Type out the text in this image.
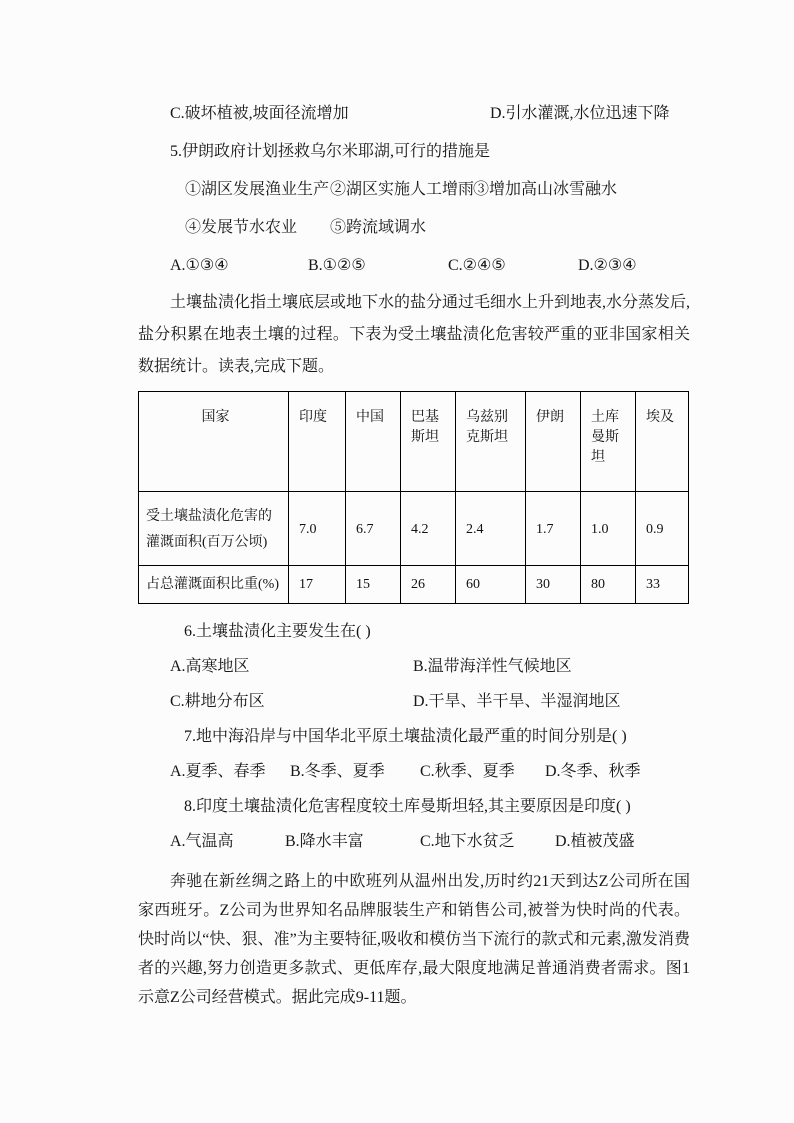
C.破坏植被,坡面径流增加	D.引水灌溉,水位迅速下降
5.伊朗政府计划拯救乌尔米耶湖,可行的措施是
①湖区发展渔业生产 ②湖区实施人工增雨
③增加高山冰雪融水
④发展节水农业 ⑤跨流域调水
A.①③④	B.①②⑤	C.②④⑤	D.②③④
土壤盐渍化指土壤底层或地下水的盐分通过毛细水上升到地表,水分蒸发后,盐分积累在地表土壤的过程。下表为受土壤盐渍化危害较严重的亚非国家相关数据统计。读表,完成下题。
国家	印度	中国	巴基斯坦	乌兹别克斯坦	伊朗	土库曼斯坦	埃及
受土壤盐渍化危害的灌溉面积(百万公顷)	7.0	6.7	4.2	2.4	1.7	1.0	0.9
占总灌溉面积比重(%)	17	15	26	60	30	80	33
6.土壤盐渍化主要发生在( )
A.高寒地区	B.温带海洋性气候地区
C.耕地分布区	D.干旱、半干旱、半湿润地区
7.地中海沿岸与中国华北平原土壤盐渍化最严重的时间分别是( )
A.夏季、春季 B.冬季、夏季 C.秋季、夏季 D.冬季、秋季
8.印度土壤盐渍化危害程度较土库曼斯坦轻,其主要原因是印度( )
A.气温高	B.降水丰富	C.地下水贫乏	D.植被茂盛
奔驰在新丝绸之路上的中欧班列从温州出发,历时约21天到达Z公司所在国家西班牙。Z公司为世界知名品牌服装生产和销售公司,被誉为快时尚的代表。快时尚以“快、狠、准”为主要特征,吸收和模仿当下流行的款式和元素,激发消费者的兴趣,努力创造更多款式、更低库存,最大限度地满足普通消费者需求。图1示意Z公司经营模式。据此完成9-11题。
